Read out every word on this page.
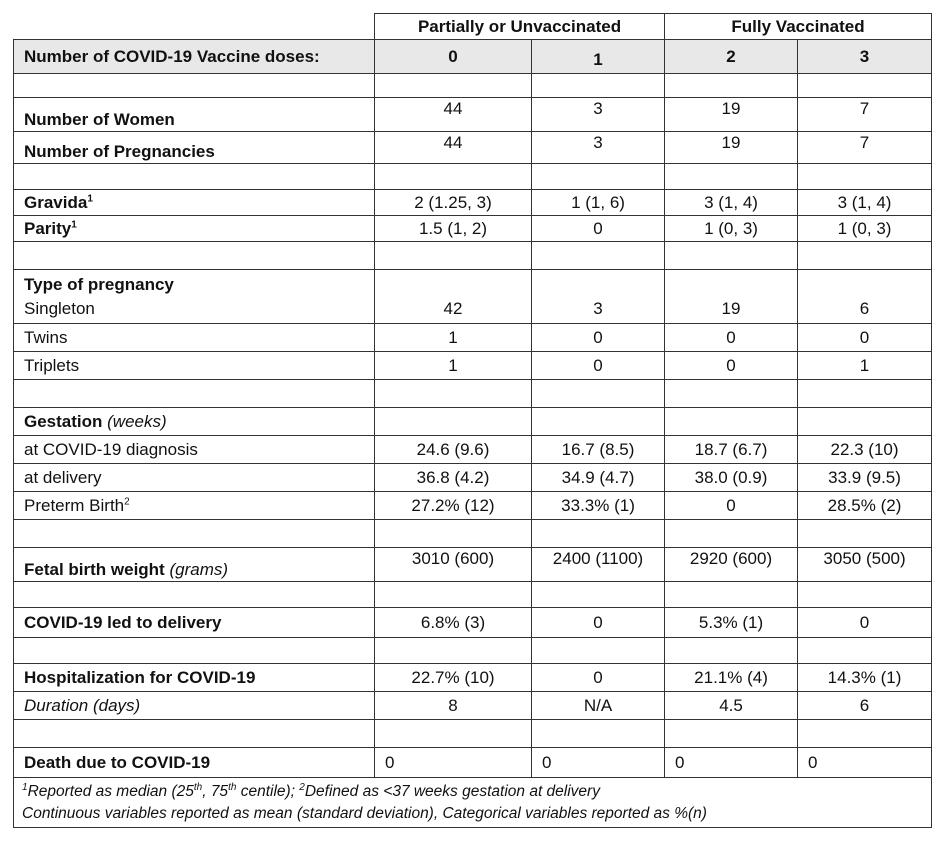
	Partially or Unvaccinated		Fully Vaccinated	
Number of COVID-19 Vaccine doses:	0	1	2	3

Number of Women	44	3	19	7
Number of Pregnancies	44	3	19	7

Gravida$^1$	2 (1.25, 3)	1 (1, 6)	3 (1, 4)	3 (1, 4)
Parity$^1$	1.5 (1, 2)	0	1 (0, 3)	1 (0, 3)

Type of pregnancy				
Singleton	42	3	19	6
Twins	1	0	0	0
Triplets	1	0	0	1

Gestation (weeks)				
at COVID-19 diagnosis	24.6 (9.6)	16.7 (8.5)	18.7 (6.7)	22.3 (10)
at delivery	36.8 (4.2)	34.9 (4.7)	38.0 (0.9)	33.9 (9.5)
Preterm Birth$^2$	27.2% (12)	33.3% (1)	0	28.5% (2)

Fetal birth weight (grams)	3010 (600)	2400 (1100)	2920 (600)	3050 (500)

COVID-19 led to delivery	6.8% (3)	0	5.3% (1)	0

Hospitalization for COVID-19	22.7% (10)	0	21.1% (4)	14.3% (1)
Duration (days)	8	N/A	4.5	6

Death due to COVID-19	0	0	0	0

$^1$Reported as median (25th, 75th centile); $^2$Defined as <37 weeks gestation at delivery
Continuous variables reported as mean (standard deviation), Categorical variables reported as %(n)				
